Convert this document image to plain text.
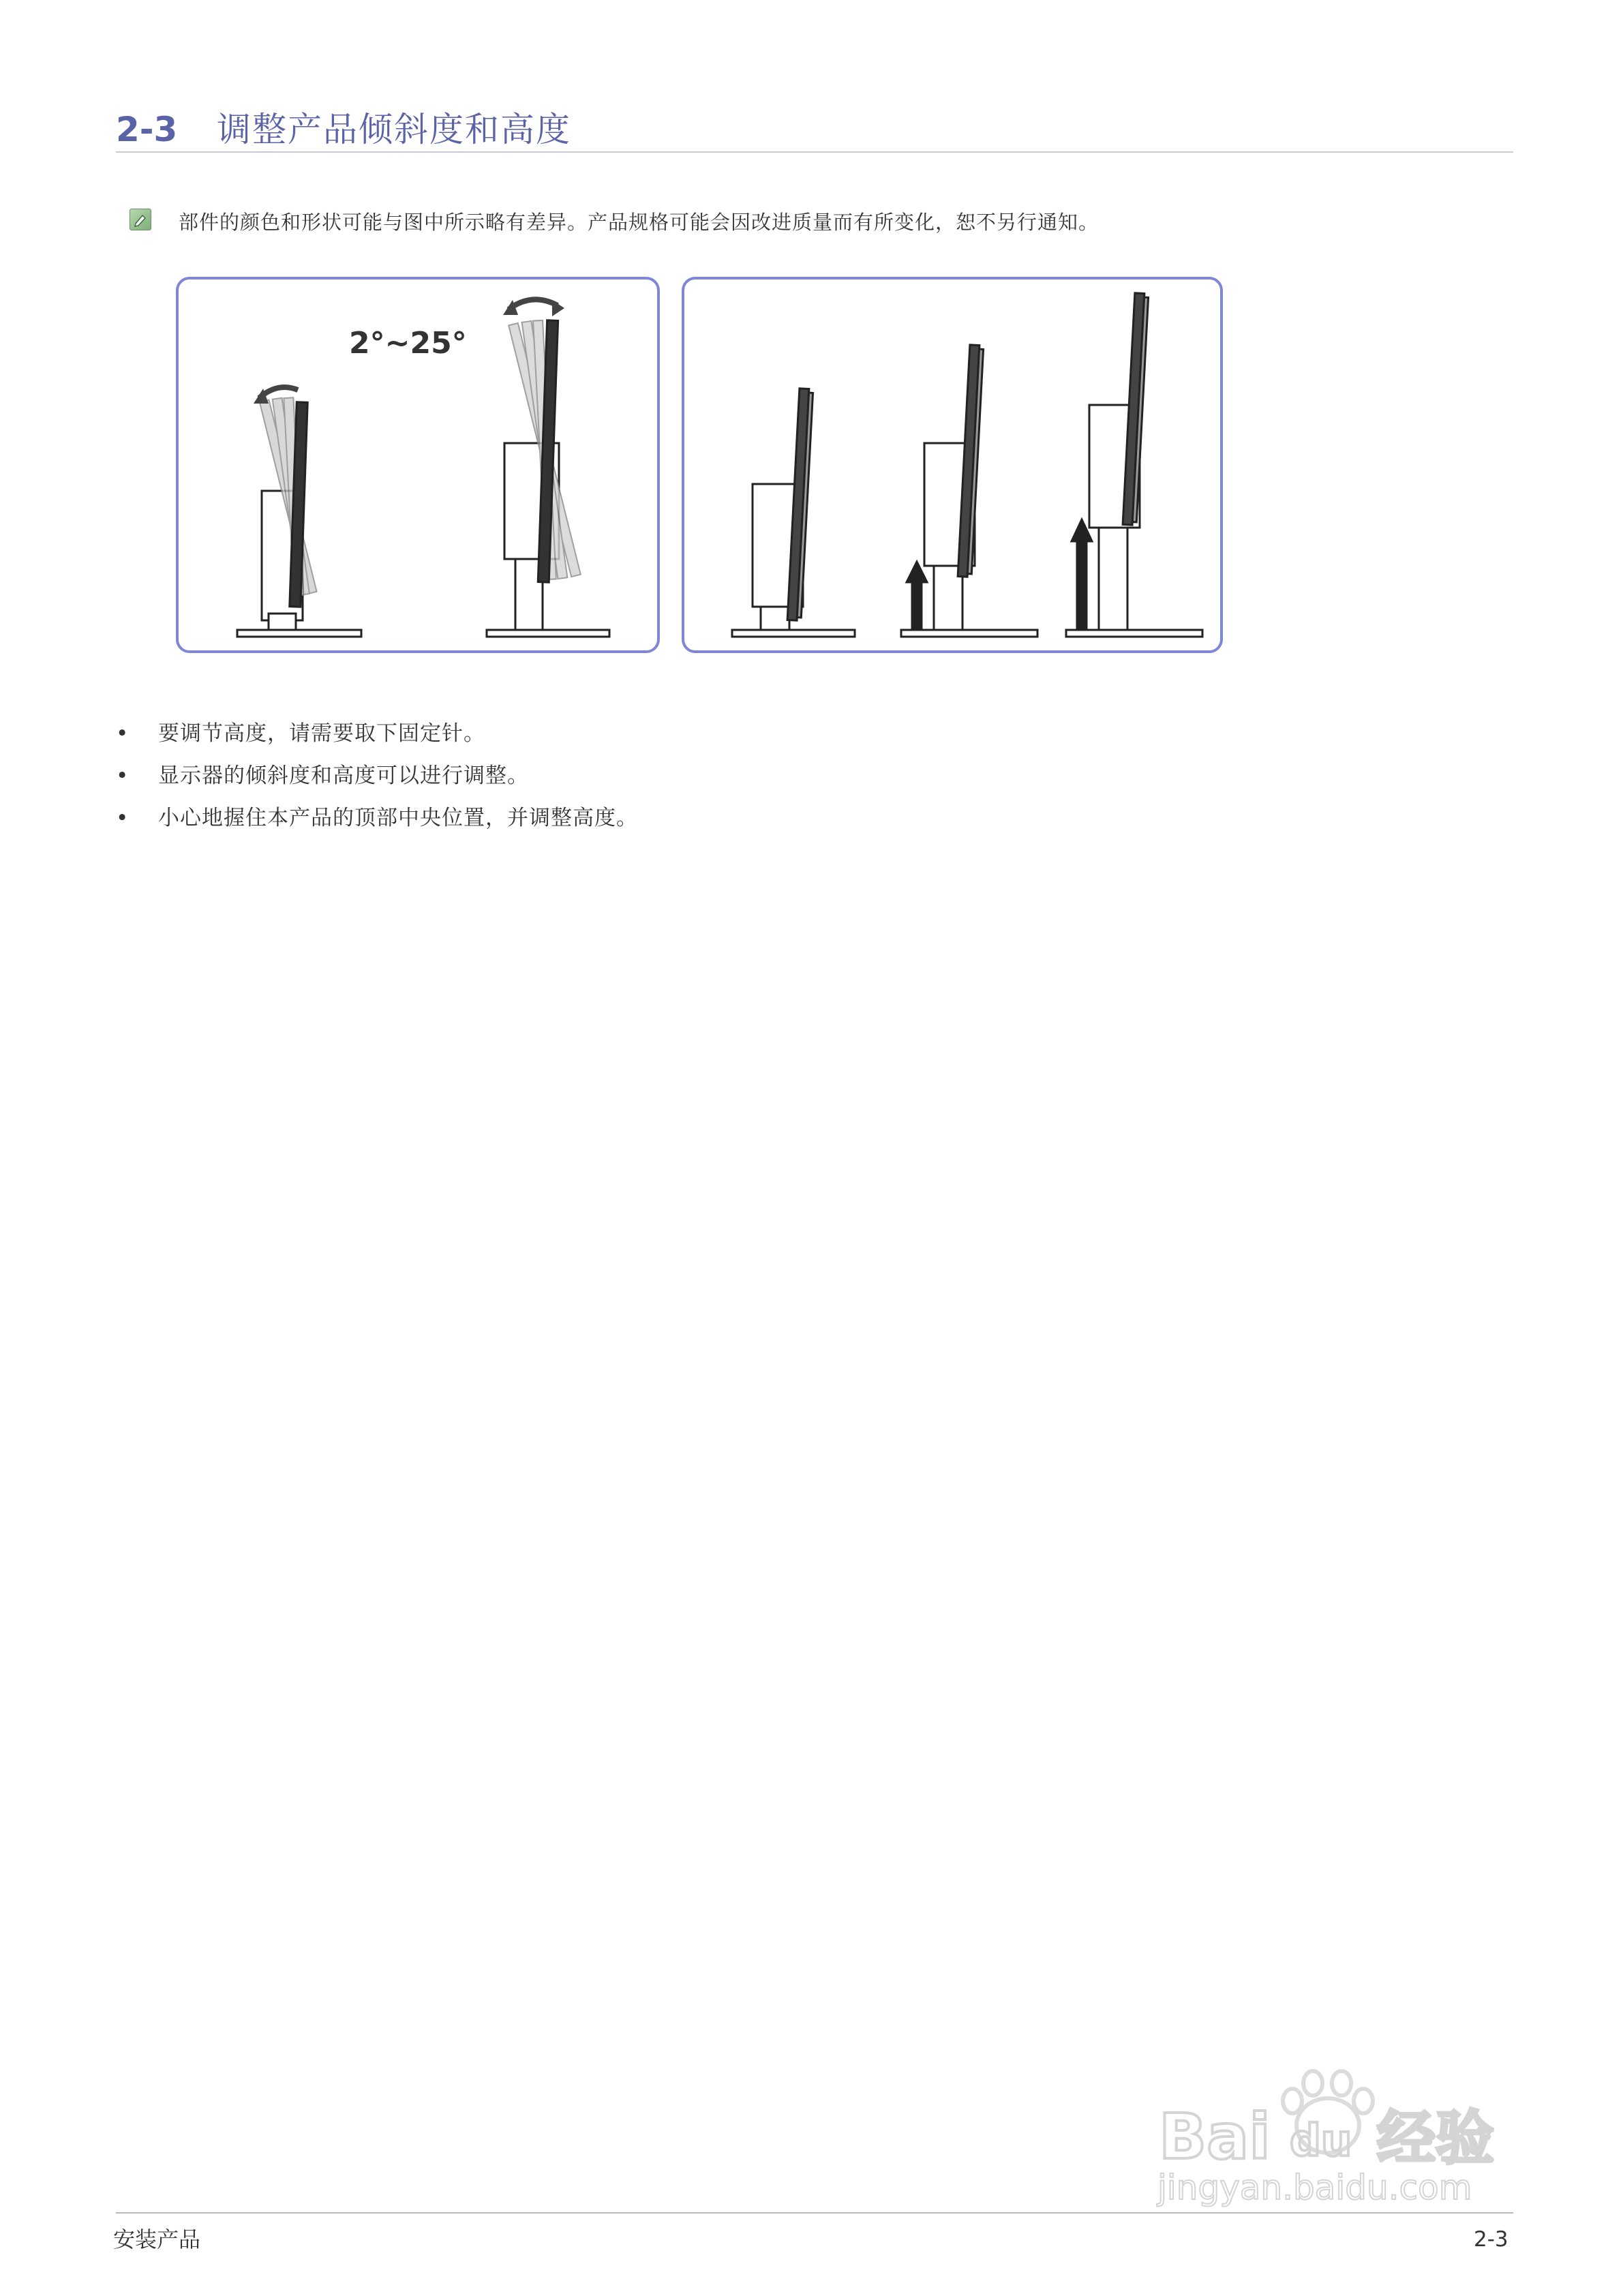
2-3 调整产品倾斜度和高度
部件的颜色和形状可能与图中所示略有差异。产品规格可能会因改进质量而有所变化，恕不另行通知。
2°~25°
•	要调节高度，请需要取下固定针。
•	显示器的倾斜度和高度可以进行调整。
•	小心地握住本产品的顶部中央位置，并调整高度。
Bai du 经验
jingyan.baidu.com
安装产品	2-3
